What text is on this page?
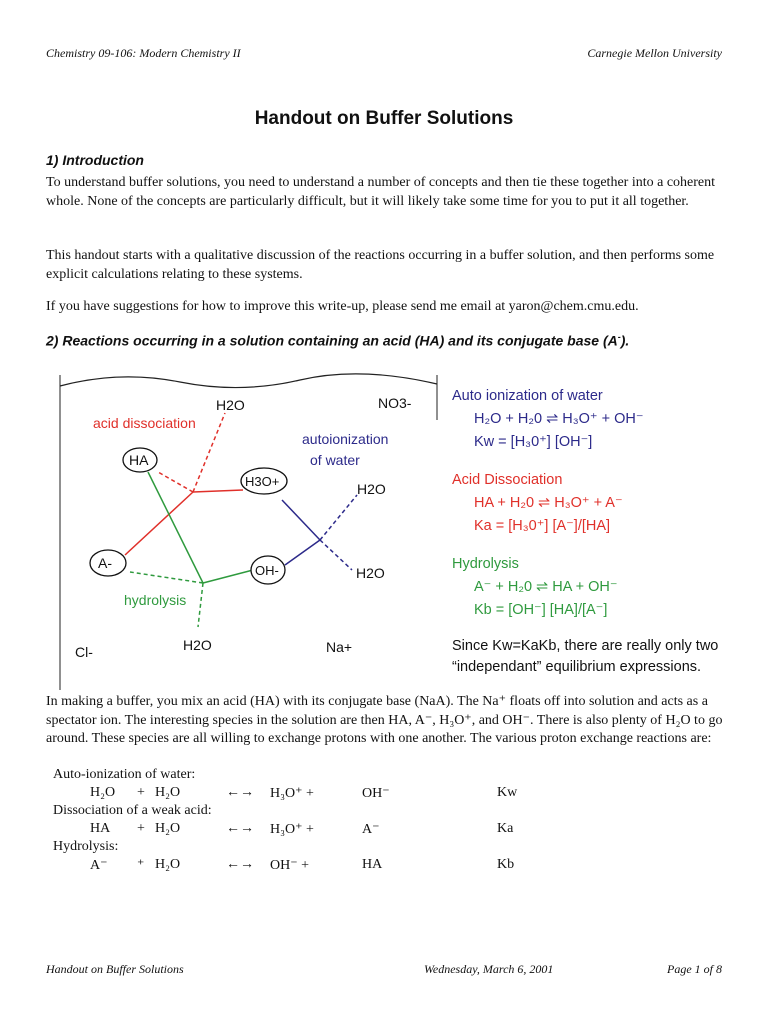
Chemistry 09-106: Modern Chemistry II	Carnegie Mellon University
Handout on Buffer Solutions
1) Introduction
To understand buffer solutions, you need to understand a number of concepts and then tie these together into a coherent whole. None of the concepts are particularly difficult, but it will likely take some time for you to put it all together.
This handout starts with a qualitative discussion of the reactions occurring in a buffer solution, and then performs some explicit calculations relating to these systems.
If you have suggestions for how to improve this write-up, please send me email at yaron@chem.cmu.edu.
2) Reactions occurring in a solution containing an acid (HA) and its conjugate base (A-).
H2O	NO3-
HA
H3O+
A-	OH-
H2O
H2O
H2O
Cl-	Na+
acid dissociation
autoionization
of water
hydrolysis
Auto ionization of water
H₂O + H₂0 ⇌ H₃O⁺ + OH⁻
Kw = [H₃0⁺] [OH⁻]
Acid Dissociation
HA + H₂0 ⇌ H₃O⁺ + A⁻
Ka = [H₃0⁺] [A⁻]/[HA]
Hydrolysis
A⁻ + H₂0 ⇌ HA + OH⁻
Kb = [OH⁻] [HA]/[A⁻]
Since Kw=KaKb, there are really only two
“independant” equilibrium expressions.
In making a buffer, you mix an acid (HA) with its conjugate base (NaA). The Na⁺ floats off into solution and acts as a spectator ion. The interesting species in the solution are then HA, A⁻, H₃O⁺, and OH⁻. There is also plenty of H₂O to go around. These species are all willing to exchange protons with one another. The various proton exchange reactions are:
Auto-ionization of water:
H₂O + H₂O	←→ H₃O⁺ +	OH⁻	Kw
Dissociation of a weak acid:
HA + H₂O	←→ H₃O⁺ +	A⁻	Ka
Hydrolysis:
A⁻ ⁺ H₂O	←→ OH⁻ +	HA	Kb
Handout on Buffer Solutions	Wednesday, March 6, 2001	Page 1 of 8
